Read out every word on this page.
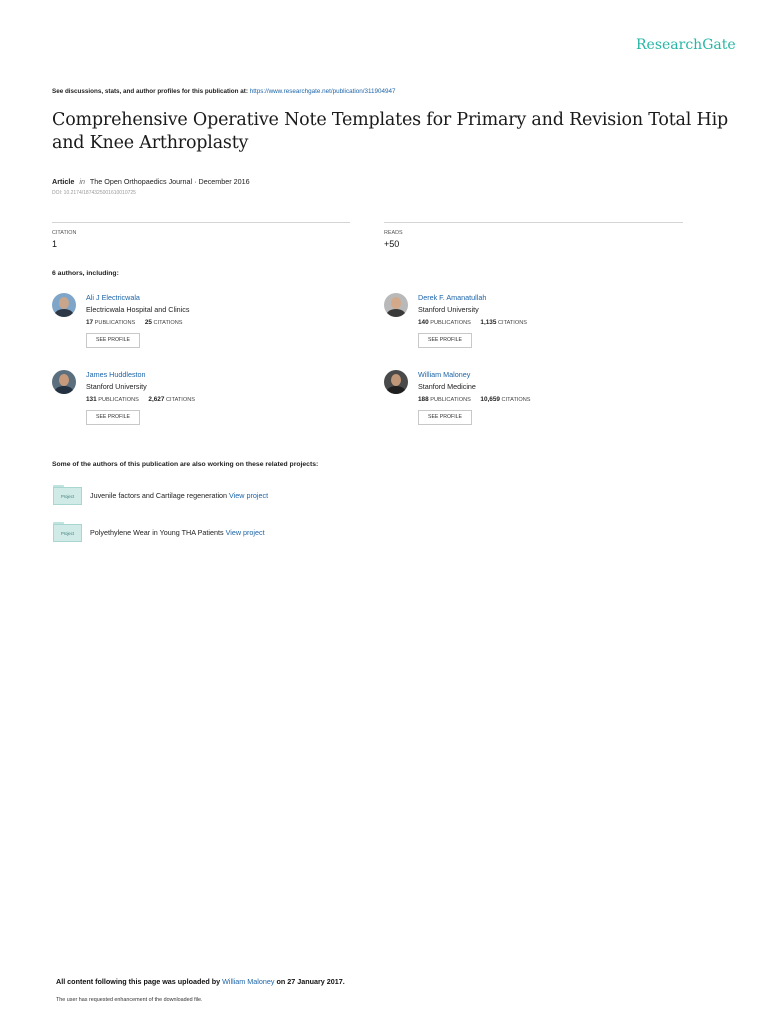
ResearchGate
See discussions, stats, and author profiles for this publication at: https://www.researchgate.net/publication/311904947
Comprehensive Operative Note Templates for Primary and Revision Total Hip and Knee Arthroplasty
Article in The Open Orthopaedics Journal · December 2016
DOI: 10.2174/1874325001610010725
CITATION
1
READS
+50
6 authors, including:
Ali J Electricwala
Electricwala Hospital and Clinics
17 PUBLICATIONS 25 CITATIONS
SEE PROFILE
Derek F. Amanatullah
Stanford University
140 PUBLICATIONS 1,135 CITATIONS
SEE PROFILE
James Huddleston
Stanford University
131 PUBLICATIONS 2,627 CITATIONS
SEE PROFILE
William Maloney
Stanford Medicine
188 PUBLICATIONS 10,659 CITATIONS
SEE PROFILE
Some of the authors of this publication are also working on these related projects:
Project	Juvenile factors and Cartilage regeneration View project
Project	Polyethylene Wear in Young THA Patients View project
All content following this page was uploaded by William Maloney on 27 January 2017.
The user has requested enhancement of the downloaded file.
